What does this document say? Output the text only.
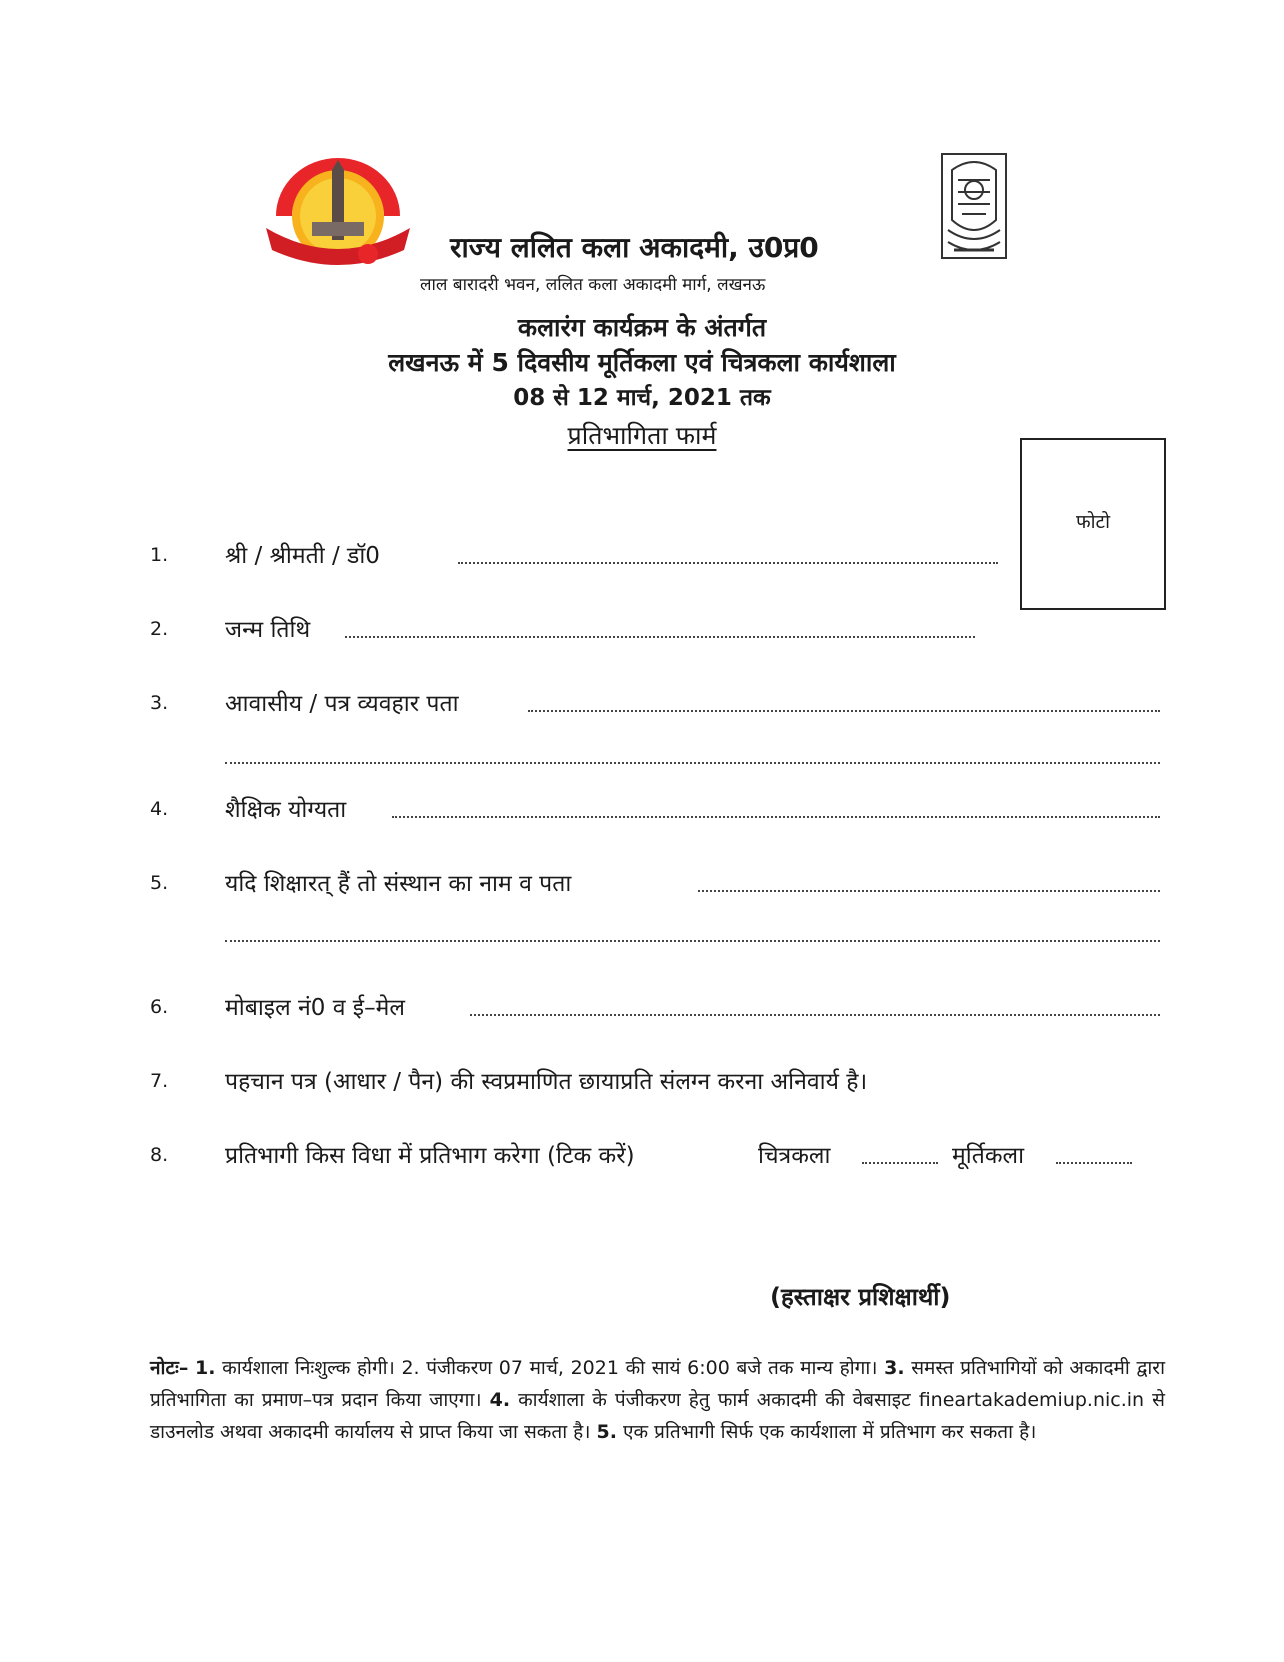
राज्य ललित कला अकादमी, उ0प्र0
लाल बारादरी भवन, ललित कला अकादमी मार्ग, लखनऊ
कलारंग कार्यक्रम के अंतर्गत
लखनऊ में 5 दिवसीय मूर्तिकला एवं चित्रकला कार्यशाला
08 से 12 मार्च, 2021 तक
प्रतिभागिता फार्म
फोटो
1. श्री / श्रीमती / डॉ0
2. जन्म तिथि
3. आवासीय / पत्र व्यवहार पता
4. शैक्षिक योग्यता
5. यदि शिक्षारत् हैं तो संस्थान का नाम व पता
6. मोबाइल नं0 व ई–मेल
7. पहचान पत्र (आधार / पैन) की स्वप्रमाणित छायाप्रति संलग्न करना अनिवार्य है।
8. प्रतिभागी किस विधा में प्रतिभाग करेगा (टिक करें)	चित्रकला	मूर्तिकला
(हस्ताक्षर प्रशिक्षार्थी)
नोटः– 1. कार्यशाला निःशुल्क होगी। 2. पंजीकरण 07 मार्च, 2021 की सायं 6:00 बजे तक मान्य होगा। 3. समस्त प्रतिभागियों को अकादमी द्वारा प्रतिभागिता का प्रमाण–पत्र प्रदान किया जाएगा। 4. कार्यशाला के पंजीकरण हेतु फार्म अकादमी की वेबसाइट fineartakademiup.nic.in से डाउनलोड अथवा अकादमी कार्यालय से प्राप्त किया जा सकता है। 5. एक प्रतिभागी सिर्फ एक कार्यशाला में प्रतिभाग कर सकता है।
